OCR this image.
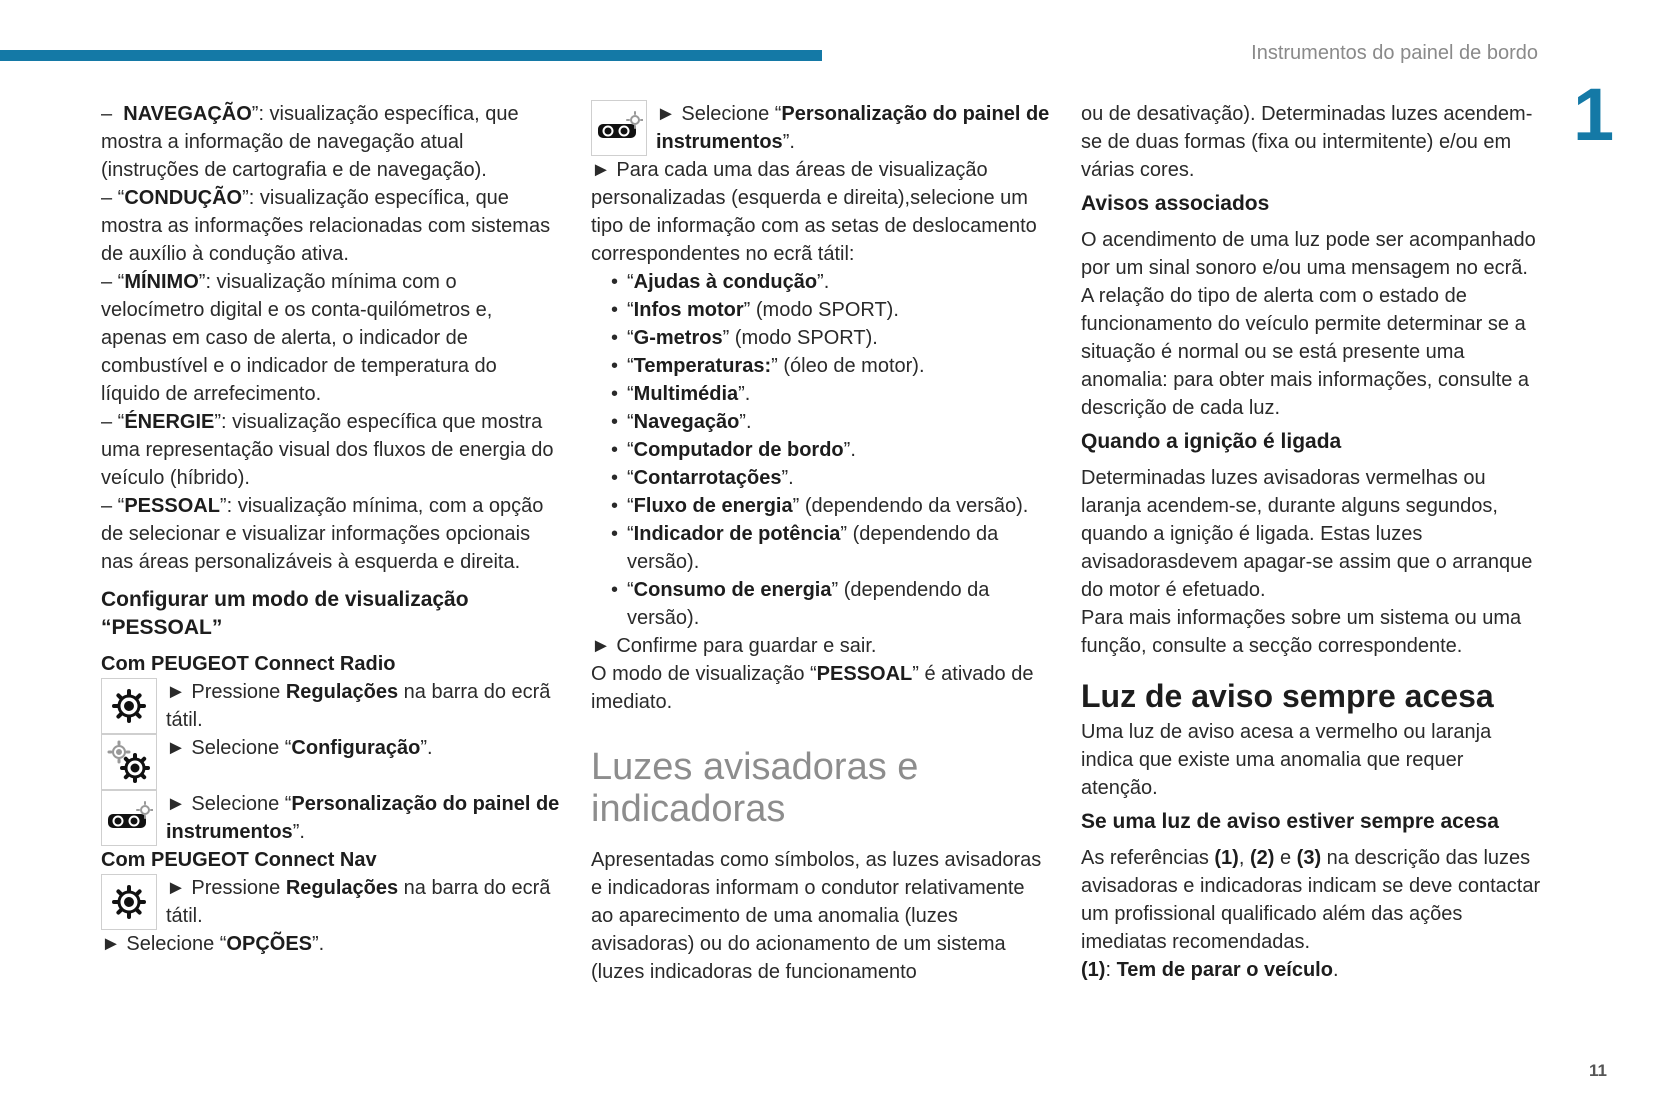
Instrumentos do painel de bordo
1
11

– NAVEGAÇÃO”: visualização específica, que mostra a informação de navegação atual (instruções de cartografia e de navegação).

– “CONDUÇÃO”: visualização específica, que mostra as informações relacionadas com sistemas de auxílio à condução ativa.

– “MÍNIMO”: visualização mínima com o velocímetro digital e os conta-quilómetros e, apenas em caso de alerta, o indicador de combustível e o indicador de temperatura do líquido de arrefecimento.

– “ÉNERGIE”: visualização específica que mostra uma representação visual dos fluxos de energia do veículo (híbrido).

– “PESSOAL”: visualização mínima, com a opção de selecionar e visualizar informações opcionais nas áreas personalizáveis à esquerda e direita.

Configurar um modo de visualização “PESSOAL”

Com PEUGEOT Connect Radio

► Pressione Regulações na barra do ecrã tátil.
► Selecione “Configuração”.
► Selecione “Personalização do painel de instrumentos”.

Com PEUGEOT Connect Nav

► Pressione Regulações na barra do ecrã tátil.

► Selecione “OPÇÕES”.

► Selecione “Personalização do painel de instrumentos”.

► Para cada uma das áreas de visualização personalizadas (esquerda e direita),selecione um tipo de informação com as setas de deslocamento correspondentes no ecrã tátil:

• “Ajudas à condução”.
• “Infos motor” (modo SPORT).
• “G-metros” (modo SPORT).
• “Temperaturas:” (óleo de motor).
• “Multimédia”.
• “Navegação”.
• “Computador de bordo”.
• “Contarrotações”.
• “Fluxo de energia” (dependendo da versão).
• “Indicador de potência” (dependendo da versão).
• “Consumo de energia” (dependendo da versão).

► Confirme para guardar e sair.

O modo de visualização “PESSOAL” é ativado de imediato.

Luzes avisadoras e indicadoras

Apresentadas como símbolos, as luzes avisadoras e indicadoras informam o condutor relativamente ao aparecimento de uma anomalia (luzes avisadoras) ou do acionamento de um sistema (luzes indicadoras de funcionamento

ou de desativação). Determinadas luzes acendem-se de duas formas (fixa ou intermitente) e/ou em várias cores.

Avisos associados

O acendimento de uma luz pode ser acompanhado por um sinal sonoro e/ou uma mensagem no ecrã.

A relação do tipo de alerta com o estado de funcionamento do veículo permite determinar se a situação é normal ou se está presente uma anomalia: para obter mais informações, consulte a descrição de cada luz.

Quando a ignição é ligada

Determinadas luzes avisadoras vermelhas ou laranja acendem-se, durante alguns segundos, quando a ignição é ligada. Estas luzes avisadorasdevem apagar-se assim que o arranque do motor é efetuado.

Para mais informações sobre um sistema ou uma função, consulte a secção correspondente.

Luz de aviso sempre acesa

Uma luz de aviso acesa a vermelho ou laranja indica que existe uma anomalia que requer atenção.

Se uma luz de aviso estiver sempre acesa

As referências (1), (2) e (3) na descrição das luzes avisadoras e indicadoras indicam se deve contactar um profissional qualificado além das ações imediatas recomendadas.

(1): Tem de parar o veículo.
